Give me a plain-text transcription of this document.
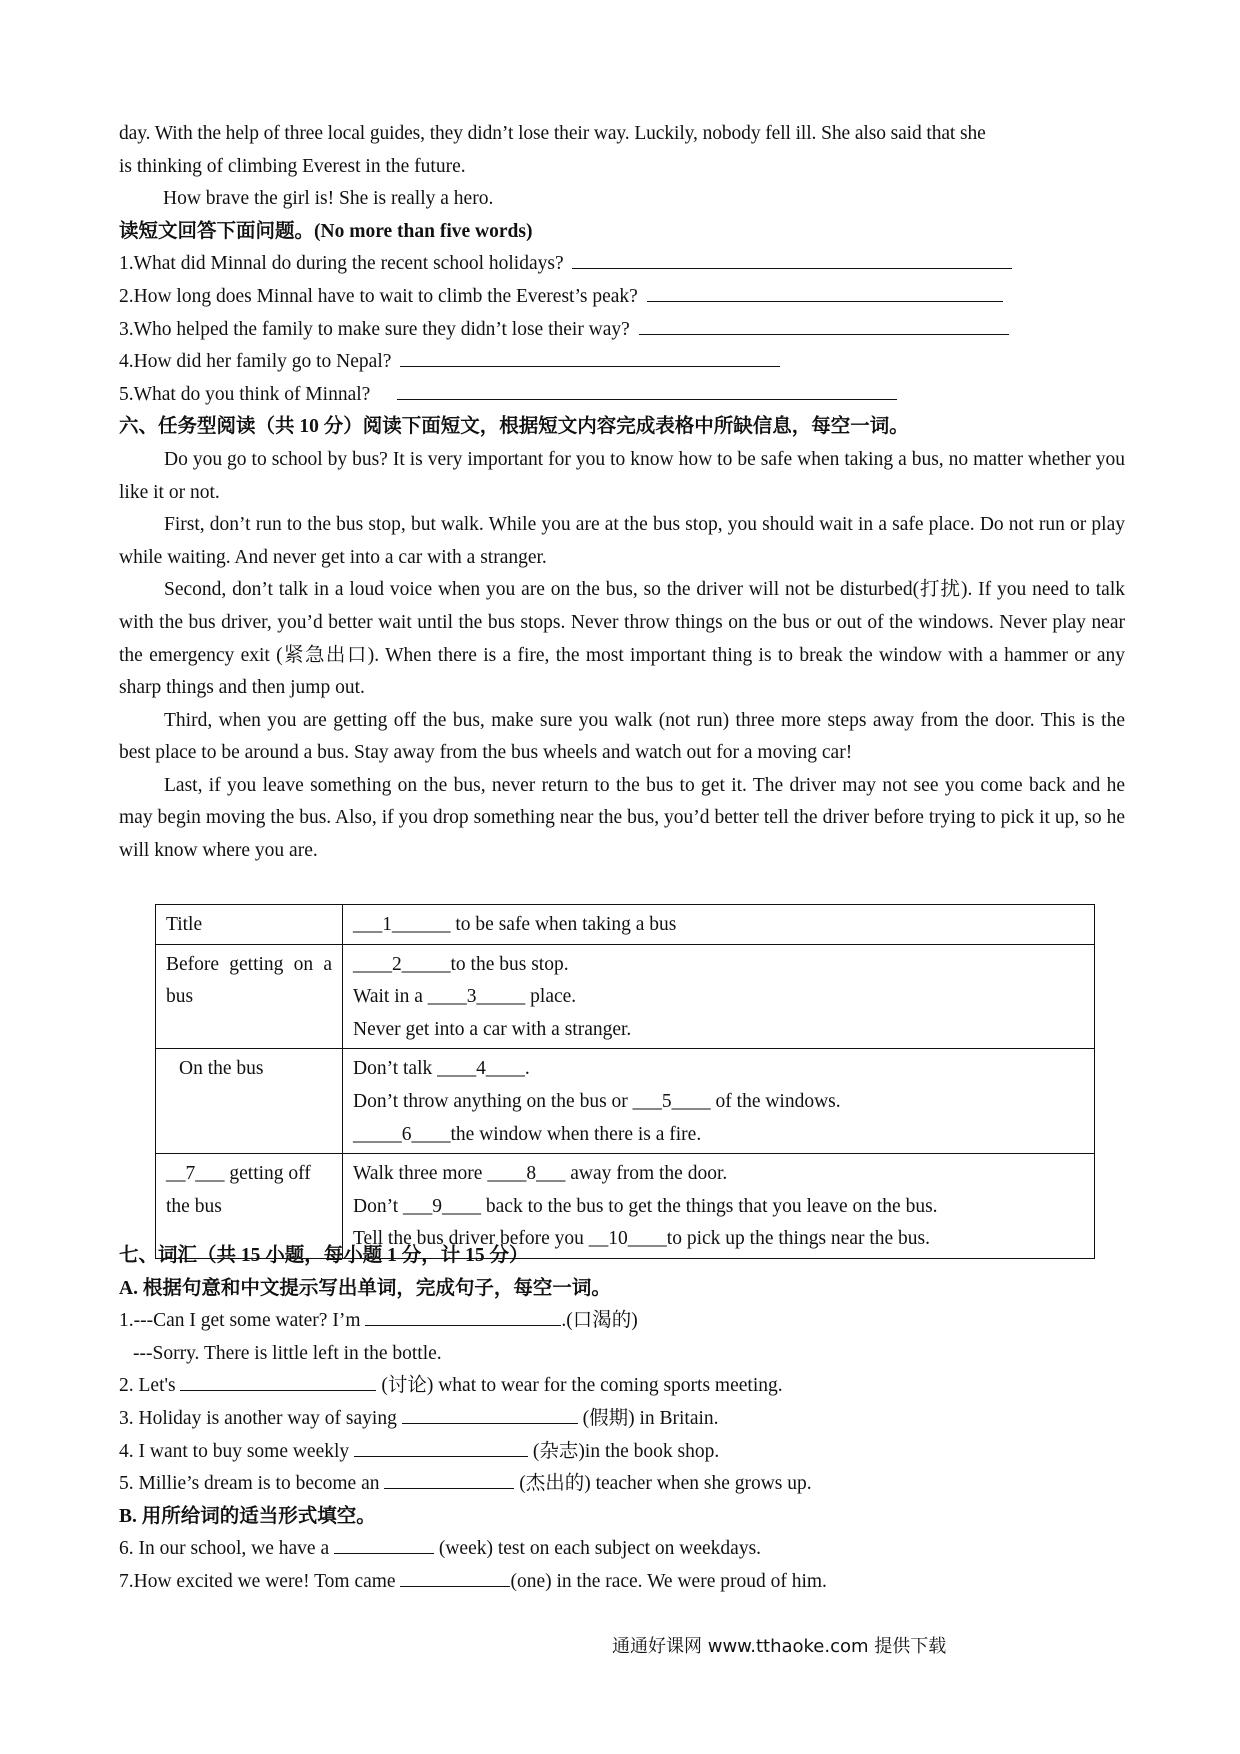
day. With the help of three local guides, they didn’t lose their way. Luckily, nobody fell ill. She also said that she
is thinking of climbing Everest in the future.
How brave the girl is! She is really a hero.
读短文回答下面问题。(No more than five words)
1.What did Minnal do during the recent school holidays?
2.How long does Minnal have to wait to climb the Everest’s peak?
3.Who helped the family to make sure they didn’t lose their way?
4.How did her family go to Nepal?
5.What do you think of Minnal?
六、任务型阅读（共 10 分）阅读下面短文，根据短文内容完成表格中所缺信息，每空一词。
Do you go to school by bus? It is very important for you to know how to be safe when taking a bus, no matter whether you like it or not.
First, don’t run to the bus stop, but walk. While you are at the bus stop, you should wait in a safe place. Do not run or play while waiting. And never get into a car with a stranger.
Second, don’t talk in a loud voice when you are on the bus, so the driver will not be disturbed(打扰). If you need to talk with the bus driver, you’d better wait until the bus stops. Never throw things on the bus or out of the windows. Never play near the emergency exit (紧急出口). When there is a fire, the most important thing is to break the window with a hammer or any sharp things and then jump out.
Third, when you are getting off the bus, make sure you walk (not run) three more steps away from the door. This is the best place to be around a bus. Stay away from the bus wheels and watch out for a moving car!
Last, if you leave something on the bus, never return to the bus to get it. The driver may not see you come back and he may begin moving the bus. Also, if you drop something near the bus, you’d better tell the driver before trying to pick it up, so he will know where you are.
Title	___1______ to be safe when taking a bus

Before getting on a bus	____2_____to the bus stop.
Wait in a ____3_____ place.
Never get into a car with a stranger.

On the bus	Don’t talk ____4____.
Don’t throw anything on the bus or ___5____ of the windows.
_____6____the window when there is a fire.

__7___ getting off the bus	Walk three more ____8___ away from the door.
Don’t ___9____ back to the bus to get the things that you leave on the bus.
Tell the bus driver before you __10____to pick up the things near the bus.
七、词汇（共 15 小题，每小题 1 分，计 15 分）
A. 根据句意和中文提示写出单词，完成句子，每空一词。
1.---Can I get some water? I’m	.(口渴的)
---Sorry. There is little left in the bottle.
2. Let's	(讨论) what to wear for the coming sports meeting.
3. Holiday is another way of saying	(假期) in Britain.
4. I want to buy some weekly	(杂志)in the book shop.
5. Millie’s dream is to become an	(杰出的) teacher when she grows up.
B. 用所给词的适当形式填空。
6. In our school, we have a	(week) test on each subject on weekdays.
7.How excited we were! Tom came	(one) in the race. We were proud of him.
通通好课网 www.tthaoke.com 提供下载
